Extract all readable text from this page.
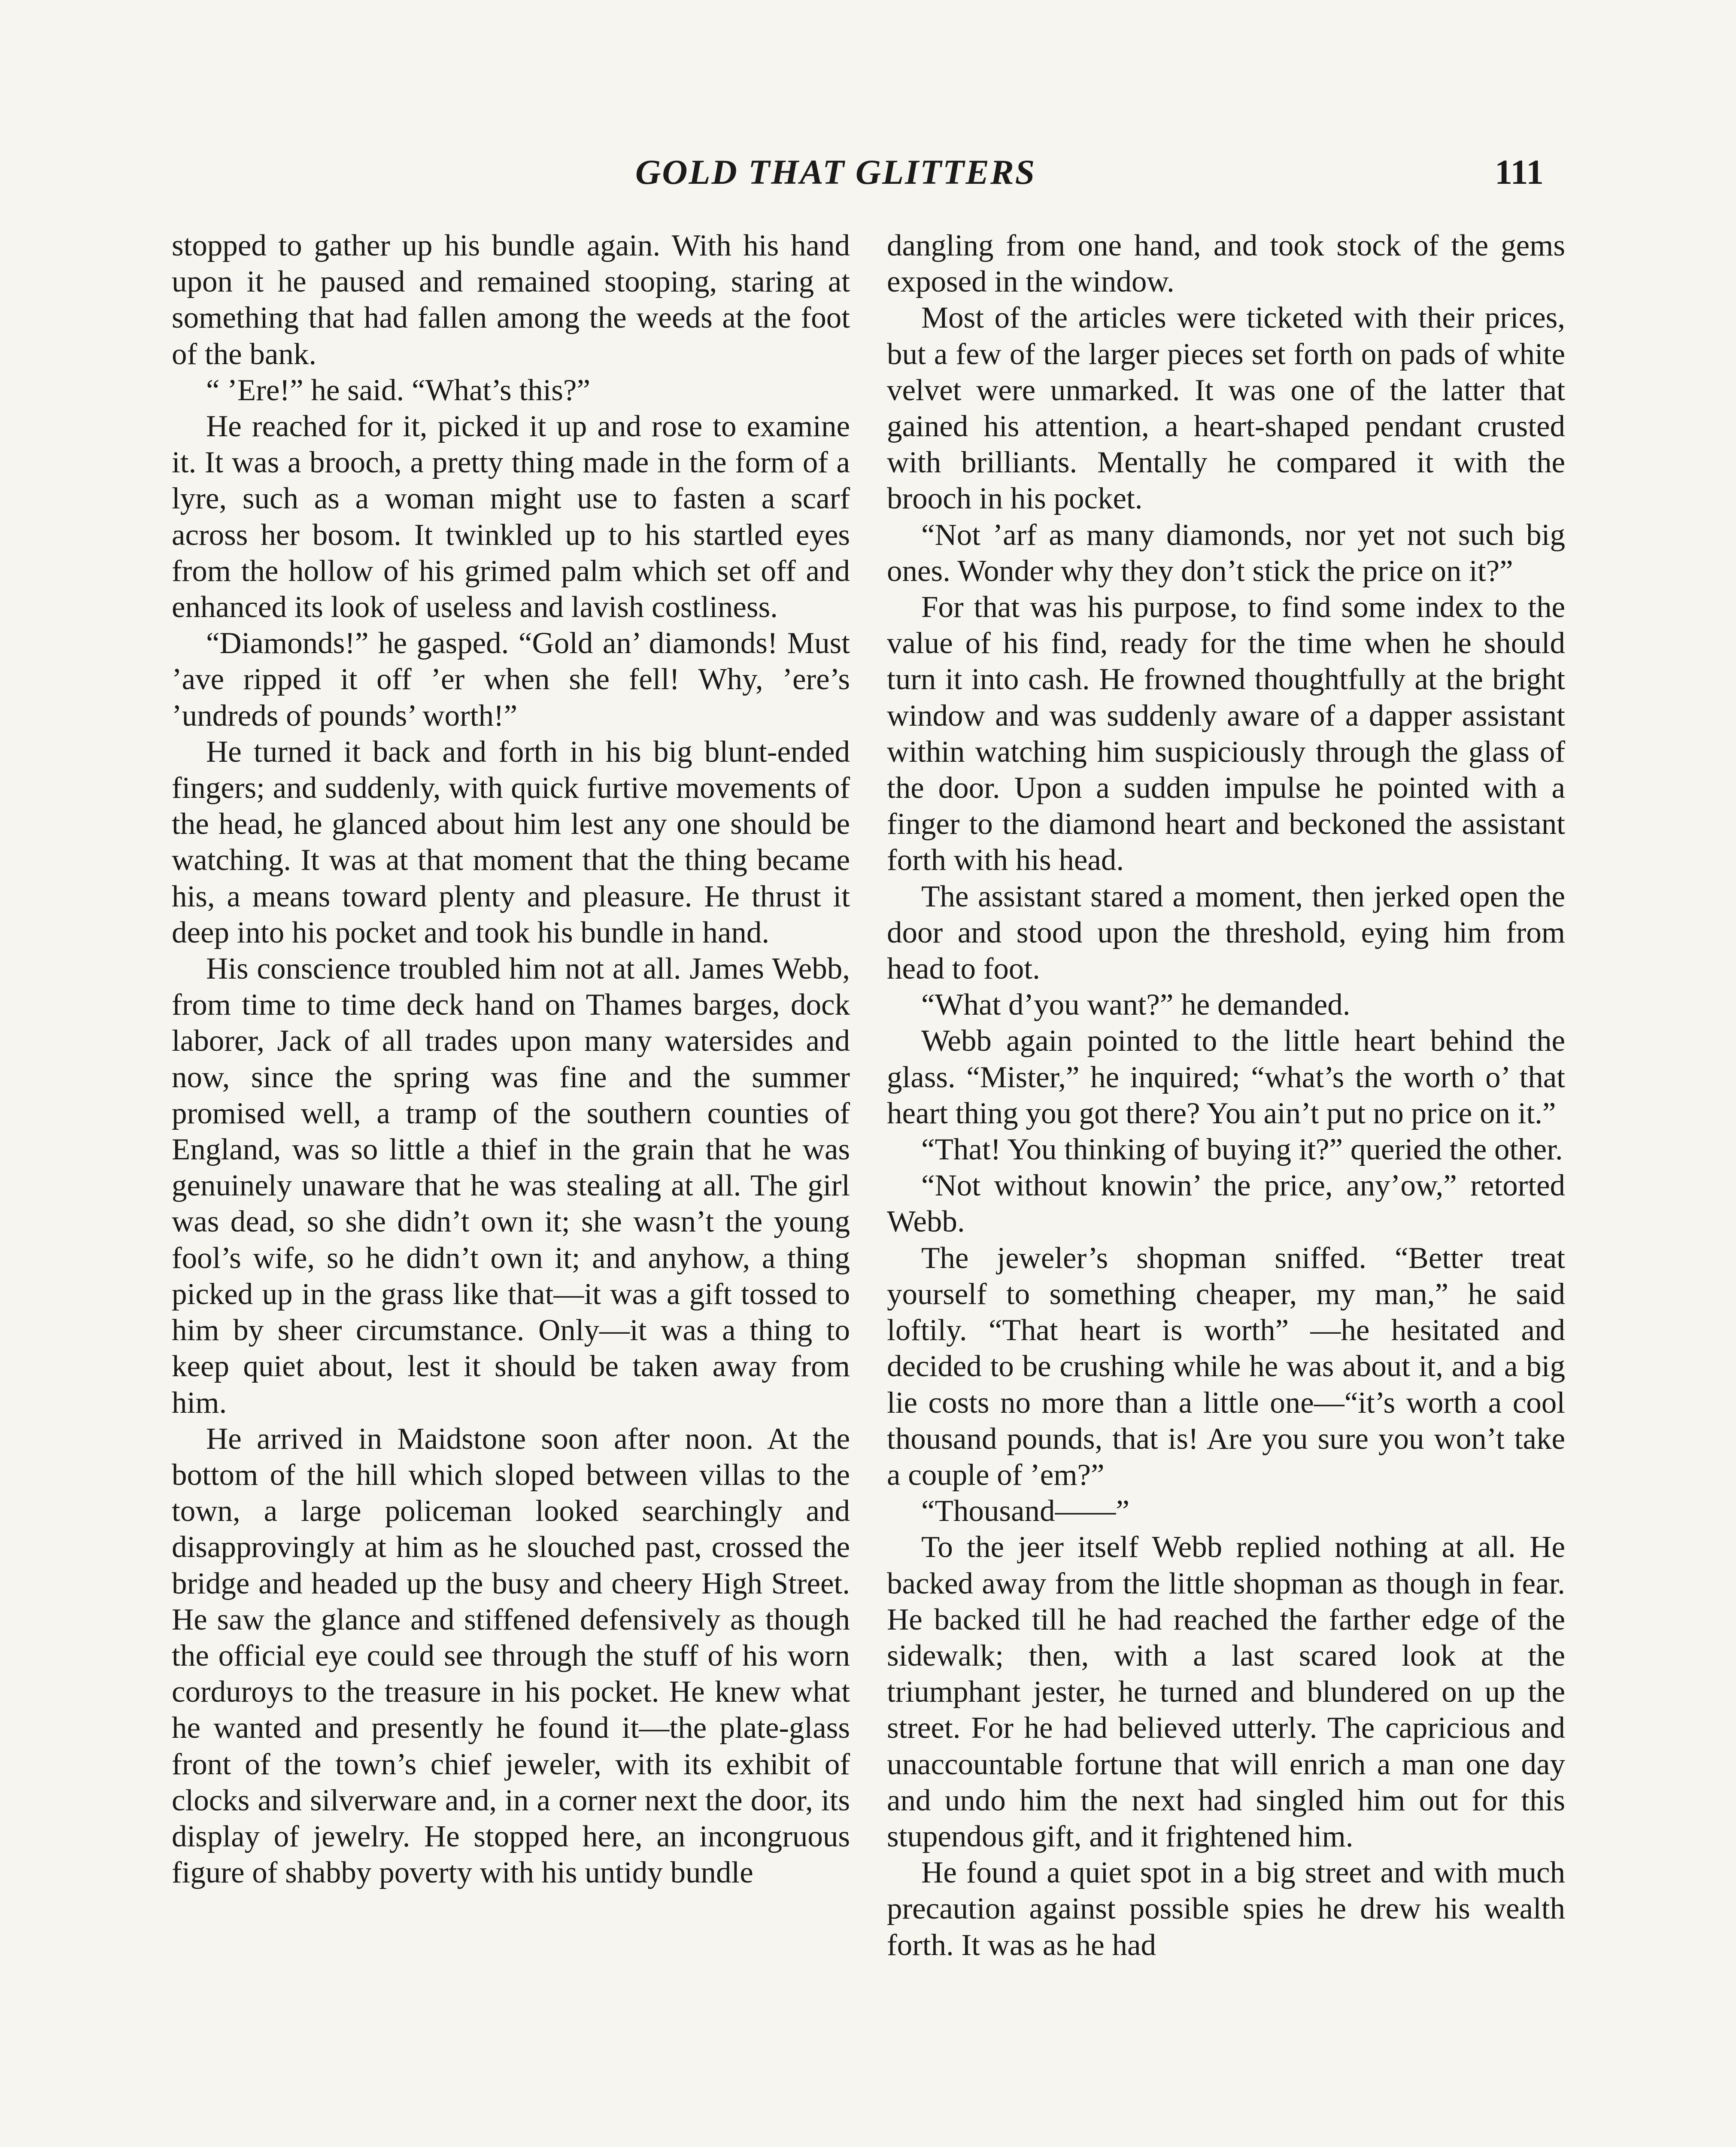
GOLD THAT GLITTERS	111

stopped to gather up his bundle again. With his hand upon it he paused and remained stooping, staring at something that had fallen among the weeds at the foot of the bank.

“ ’Ere!” he said. “What’s this?”

He reached for it, picked it up and rose to examine it. It was a brooch, a pretty thing made in the form of a lyre, such as a woman might use to fasten a scarf across her bosom. It twinkled up to his startled eyes from the hollow of his grimed palm which set off and enhanced its look of useless and lavish costliness.

“Diamonds!” he gasped. “Gold an’ diamonds! Must ’ave ripped it off ’er when she fell! Why, ’ere’s ’undreds of pounds’ worth!”

He turned it back and forth in his big blunt-ended fingers; and suddenly, with quick furtive movements of the head, he glanced about him lest any one should be watching. It was at that moment that the thing became his, a means toward plenty and pleasure. He thrust it deep into his pocket and took his bundle in hand.

His conscience troubled him not at all. James Webb, from time to time deck hand on Thames barges, dock laborer, Jack of all trades upon many watersides and now, since the spring was fine and the summer promised well, a tramp of the southern counties of England, was so little a thief in the grain that he was genuinely unaware that he was stealing at all. The girl was dead, so she didn’t own it; she wasn’t the young fool’s wife, so he didn’t own it; and anyhow, a thing picked up in the grass like that—it was a gift tossed to him by sheer circumstance. Only—it was a thing to keep quiet about, lest it should be taken away from him.

He arrived in Maidstone soon after noon. At the bottom of the hill which sloped between villas to the town, a large policeman looked searchingly and disapprovingly at him as he slouched past, crossed the bridge and headed up the busy and cheery High Street. He saw the glance and stiffened defensively as though the official eye could see through the stuff of his worn corduroys to the treasure in his pocket. He knew what he wanted and presently he found it—the plate-glass front of the town’s chief jeweler, with its exhibit of clocks and silverware and, in a corner next the door, its display of jewelry. He stopped here, an incongruous figure of shabby poverty with his untidy bundle

dangling from one hand, and took stock of the gems exposed in the window.

Most of the articles were ticketed with their prices, but a few of the larger pieces set forth on pads of white velvet were unmarked. It was one of the latter that gained his attention, a heart-shaped pendant crusted with brilliants. Mentally he compared it with the brooch in his pocket.

“Not ’arf as many diamonds, nor yet not such big ones. Wonder why they don’t stick the price on it?”

For that was his purpose, to find some index to the value of his find, ready for the time when he should turn it into cash. He frowned thoughtfully at the bright window and was suddenly aware of a dapper assistant within watching him suspiciously through the glass of the door. Upon a sudden impulse he pointed with a finger to the diamond heart and beckoned the assistant forth with his head.

The assistant stared a moment, then jerked open the door and stood upon the threshold, eying him from head to foot.

“What d’you want?” he demanded.

Webb again pointed to the little heart behind the glass. “Mister,” he inquired; “what’s the worth o’ that heart thing you got there? You ain’t put no price on it.”

“That! You thinking of buying it?” queried the other.

“Not without knowin’ the price, any’ow,” retorted Webb.

The jeweler’s shopman sniffed. “Better treat yourself to something cheaper, my man,” he said loftily. “That heart is worth” —he hesitated and decided to be crushing while he was about it, and a big lie costs no more than a little one—“it’s worth a cool thousand pounds, that is! Are you sure you won’t take a couple of ’em?”

“Thousand——”

To the jeer itself Webb replied nothing at all. He backed away from the little shopman as though in fear. He backed till he had reached the farther edge of the sidewalk; then, with a last scared look at the triumphant jester, he turned and blundered on up the street. For he had believed utterly. The capricious and unaccountable fortune that will enrich a man one day and undo him the next had singled him out for this stupendous gift, and it frightened him.

He found a quiet spot in a big street and with much precaution against possible spies he drew his wealth forth. It was as he had
